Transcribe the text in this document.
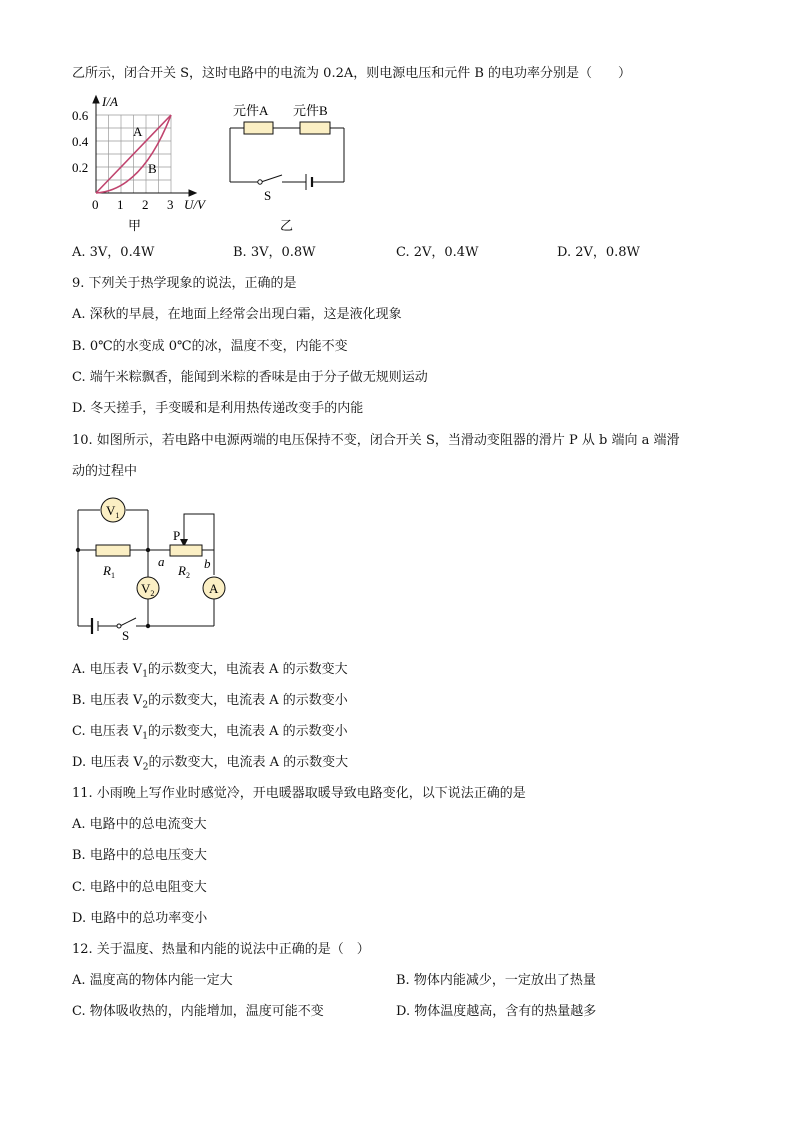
乙所示，闭合开关 S，这时电路中的电流为 0.2A，则电源电压和元件 B 的电功率分别是（　　）
I/A
U/V
0.6
0.4
0.2
0 1 2 3
A
B
甲
元件A 元件B
S
乙
A. 3V，0.4W	B. 3V，0.8W	C. 2V，0.4W	D. 2V，0.8W
9. 下列关于热学现象的说法，正确的是
A. 深秋的早晨，在地面上经常会出现白霜，这是液化现象
B. 0℃的水变成 0℃的冰，温度不变，内能不变
C. 端午米粽飘香，能闻到米粽的香味是由于分子做无规则运动
D. 冬天搓手，手变暖和是利用热传递改变手的内能
10. 如图所示，若电路中电源两端的电压保持不变，闭合开关 S，当滑动变阻器的滑片 P 从 b 端向 a 端滑
动的过程中
$V_1$
$V_2$	A
$R_1$	$R_2$
P
a	b
S
A. 电压表 $V_1$的示数变大，电流表 A 的示数变大
B. 电压表 $V_2$的示数变大，电流表 A 的示数变小
C. 电压表 $V_1$的示数变大，电流表 A 的示数变小
D. 电压表 $V_2$的示数变大，电流表 A 的示数变大
11. 小雨晚上写作业时感觉冷，开电暖器取暖导致电路变化，以下说法正确的是
A. 电路中的总电流变大
B. 电路中的总电压变大
C. 电路中的总电阻变大
D. 电路中的总功率变小
12. 关于温度、热量和内能的说法中正确的是（　）
A. 温度高的物体内能一定大	B. 物体内能减少，一定放出了热量
C. 物体吸收热的，内能增加，温度可能不变	D. 物体温度越高，含有的热量越多
